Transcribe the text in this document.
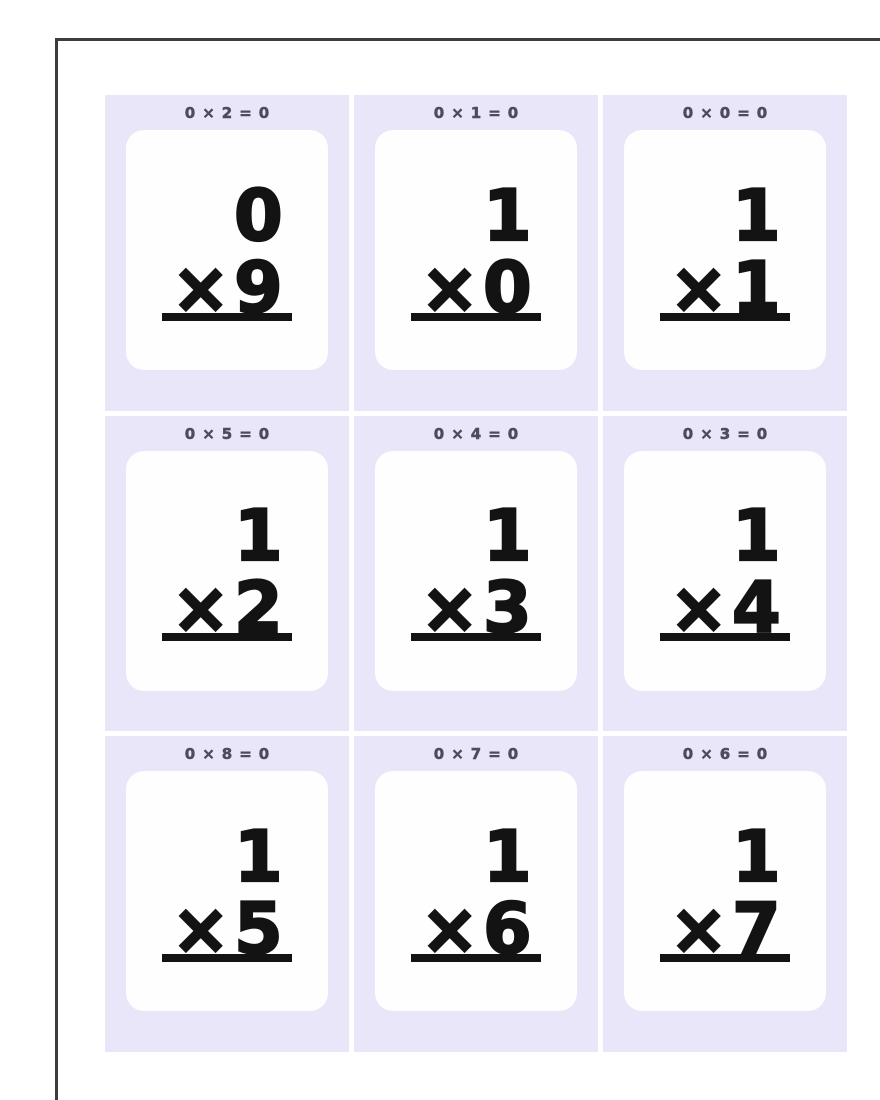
0×2=0
0
×9
0×1=0
1
×0
0×0=0
1
×1
0×5=0
1
×2
0×4=0
1
×3
0×3=0
1
×4
0×8=0
1
×5
0×7=0
1
×6
0×6=0
1
×7
